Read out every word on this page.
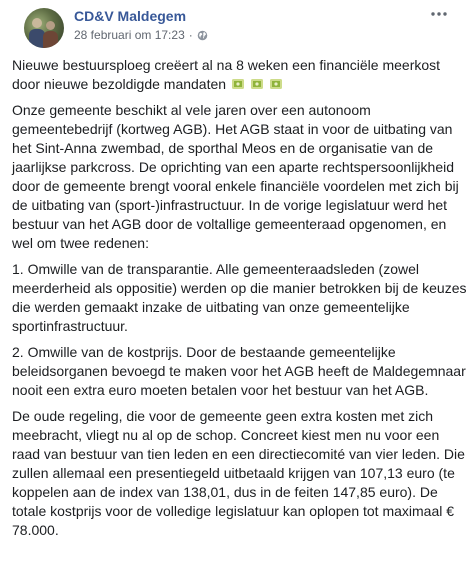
CD&V Maldegem
28 februari om 17:23 ·

Nieuwe bestuursploeg creëert al na 8 weken een financiële meerkost door nieuwe bezoldigde mandaten

Onze gemeente beschikt al vele jaren over een autonoom gemeentebedrijf (kortweg AGB). Het AGB staat in voor de uitbating van het Sint-Anna zwembad, de sporthal Meos en de organisatie van de jaarlijkse parkcross. De oprichting van een aparte rechtspersoonlijkheid door de gemeente brengt vooral enkele financiële voordelen met zich bij de uitbating van (sport-)infrastructuur. In de vorige legislatuur werd het bestuur van het AGB door de voltallige gemeenteraad opgenomen, en wel om twee redenen:

1. Omwille van de transparantie. Alle gemeenteraadsleden (zowel meerderheid als oppositie) werden op die manier betrokken bij de keuzes die werden gemaakt inzake de uitbating van onze gemeentelijke sportinfrastructuur.

2. Omwille van de kostprijs. Door de bestaande gemeentelijke beleidsorganen bevoegd te maken voor het AGB heeft de Maldegemnaar nooit een extra euro moeten betalen voor het bestuur van het AGB.

De oude regeling, die voor de gemeente geen extra kosten met zich meebracht, vliegt nu al op de schop. Concreet kiest men nu voor een raad van bestuur van tien leden en een directiecomité van vier leden. Die zullen allemaal een presentiegeld uitbetaald krijgen van 107,13 euro (te koppelen aan de index van 138,01, dus in de feiten 147,85 euro). De totale kostprijs voor de volledige legislatuur kan oplopen tot maximaal € 78.000.
